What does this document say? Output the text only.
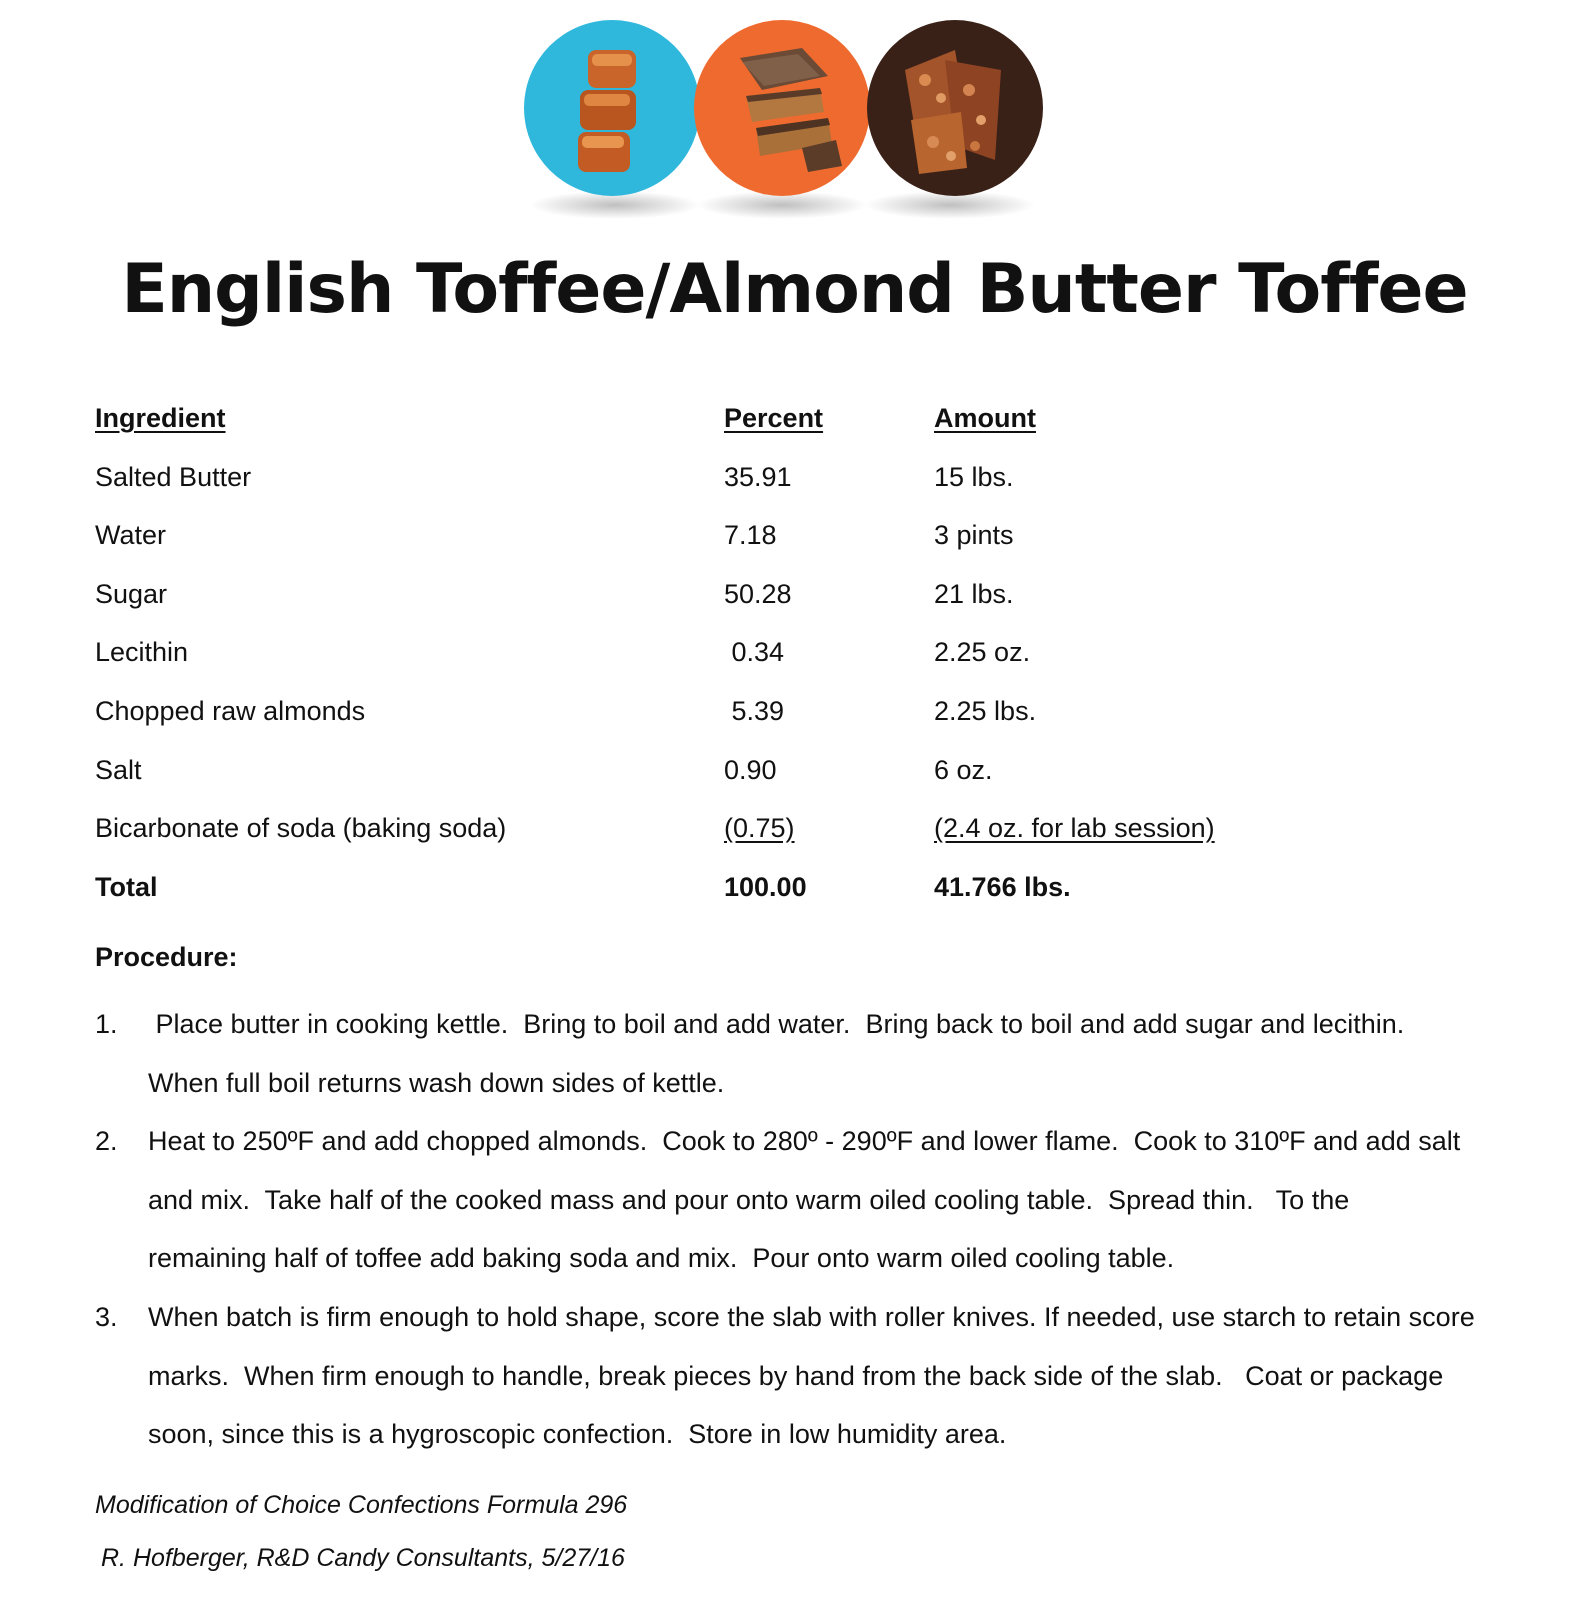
English Toffee/Almond Butter Toffee
Ingredient	Percent	Amount
Salted Butter	35.91	15 lbs.
Water	7.18	3 pints
Sugar	50.28	21 lbs.
Lecithin	0.34	2.25 oz.
Chopped raw almonds	5.39	2.25 lbs.
Salt	0.90	6 oz.
Bicarbonate of soda (baking soda)	(0.75)	(2.4 oz. for lab session)
Total	100.00	41.766 lbs.
Procedure:
1. Place butter in cooking kettle.  Bring to boil and add water.  Bring back to boil and add sugar and lecithin.  When full boil returns wash down sides of kettle.
2. Heat to 250ºF and add chopped almonds.  Cook to 280º - 290ºF and lower flame.  Cook to 310ºF and add salt and mix.  Take half of the cooked mass and pour onto warm oiled cooling table.  Spread thin.   To the remaining half of toffee add baking soda and mix.  Pour onto warm oiled cooling table.
3. When batch is firm enough to hold shape, score the slab with roller knives. If needed, use starch to retain score marks.  When firm enough to handle, break pieces by hand from the back side of the slab.   Coat or package soon, since this is a hygroscopic confection.  Store in low humidity area.
Modification of Choice Confections Formula 296
R. Hofberger, R&D Candy Consultants, 5/27/16
